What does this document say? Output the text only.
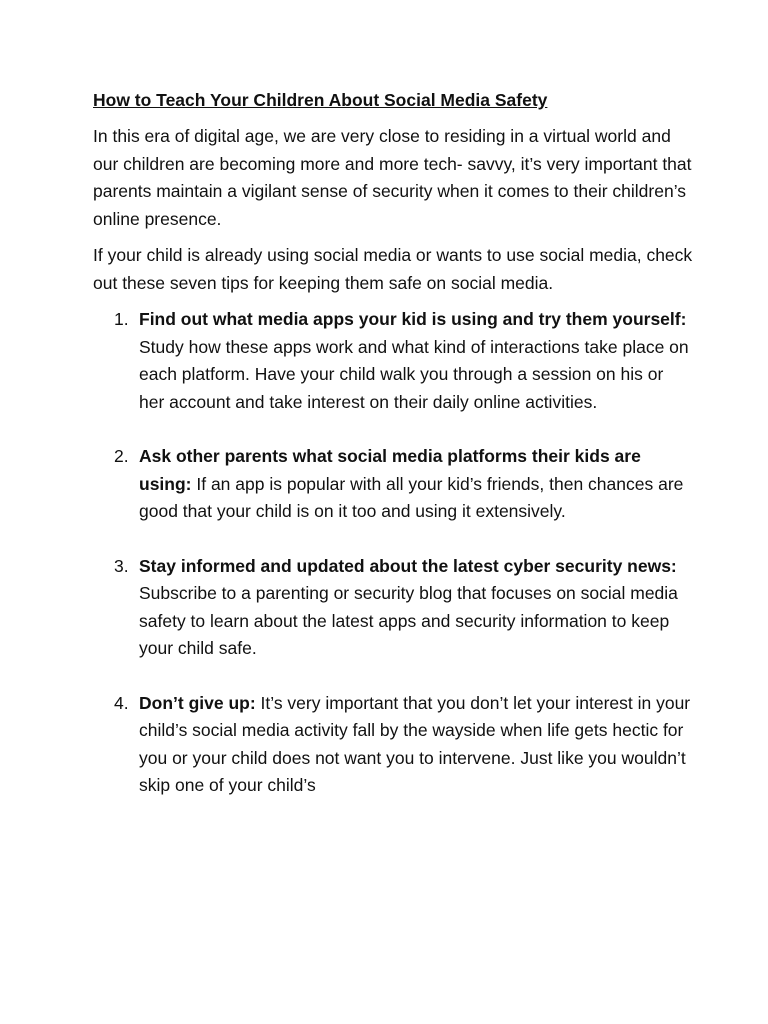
How to Teach Your Children About Social Media Safety

In this era of digital age, we are very close to residing in a virtual world and our children are becoming more and more tech- savvy, it’s very important that parents maintain a vigilant sense of security when it comes to their children’s online presence.

If your child is already using social media or wants to use social media, check out these seven tips for keeping them safe on social media.

1. Find out what media apps your kid is using and try them yourself: Study how these apps work and what kind of interactions take place on each platform. Have your child walk you through a session on his or her account and take interest on their daily online activities.
2. Ask other parents what social media platforms their kids are using: If an app is popular with all your kid’s friends, then chances are good that your child is on it too and using it extensively.
3. Stay informed and updated about the latest cyber security news: Subscribe to a parenting or security blog that focuses on social media safety to learn about the latest apps and security information to keep your child safe.
4. Don’t give up: It’s very important that you don’t let your interest in your child’s social media activity fall by the wayside when life gets hectic for you or your child does not want you to intervene. Just like you wouldn’t skip one of your child’s
